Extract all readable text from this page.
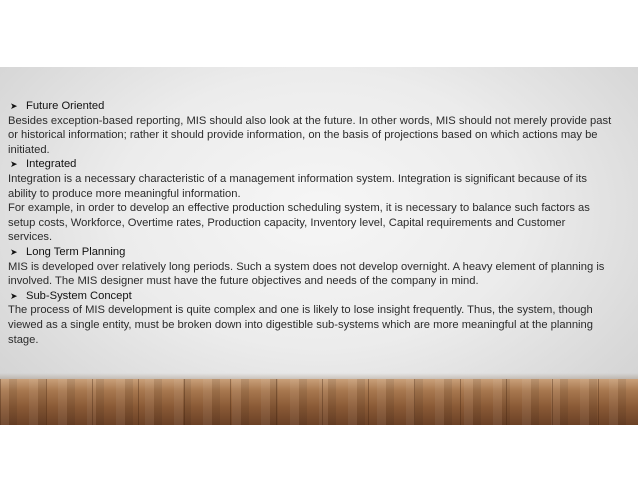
➤ Future Oriented

Besides exception-based reporting, MIS should also look at the future. In other words, MIS should not merely provide past or historical information; rather it should provide information, on the basis of projections based on which actions may be initiated.

➤ Integrated

Integration is a necessary characteristic of a management information system. Integration is significant because of its ability to produce more meaningful information.

For example, in order to develop an effective production scheduling system, it is necessary to balance such factors as setup costs, Workforce, Overtime rates, Production capacity, Inventory level, Capital requirements and Customer services.

➤ Long Term Planning

MIS is developed over relatively long periods. Such a system does not develop overnight. A heavy element of planning is involved. The MIS designer must have the future objectives and needs of the company in mind.

➤ Sub-System Concept

The process of MIS development is quite complex and one is likely to lose insight frequently. Thus, the system, though viewed as a single entity, must be broken down into digestible sub-systems which are more meaningful at the planning stage.
